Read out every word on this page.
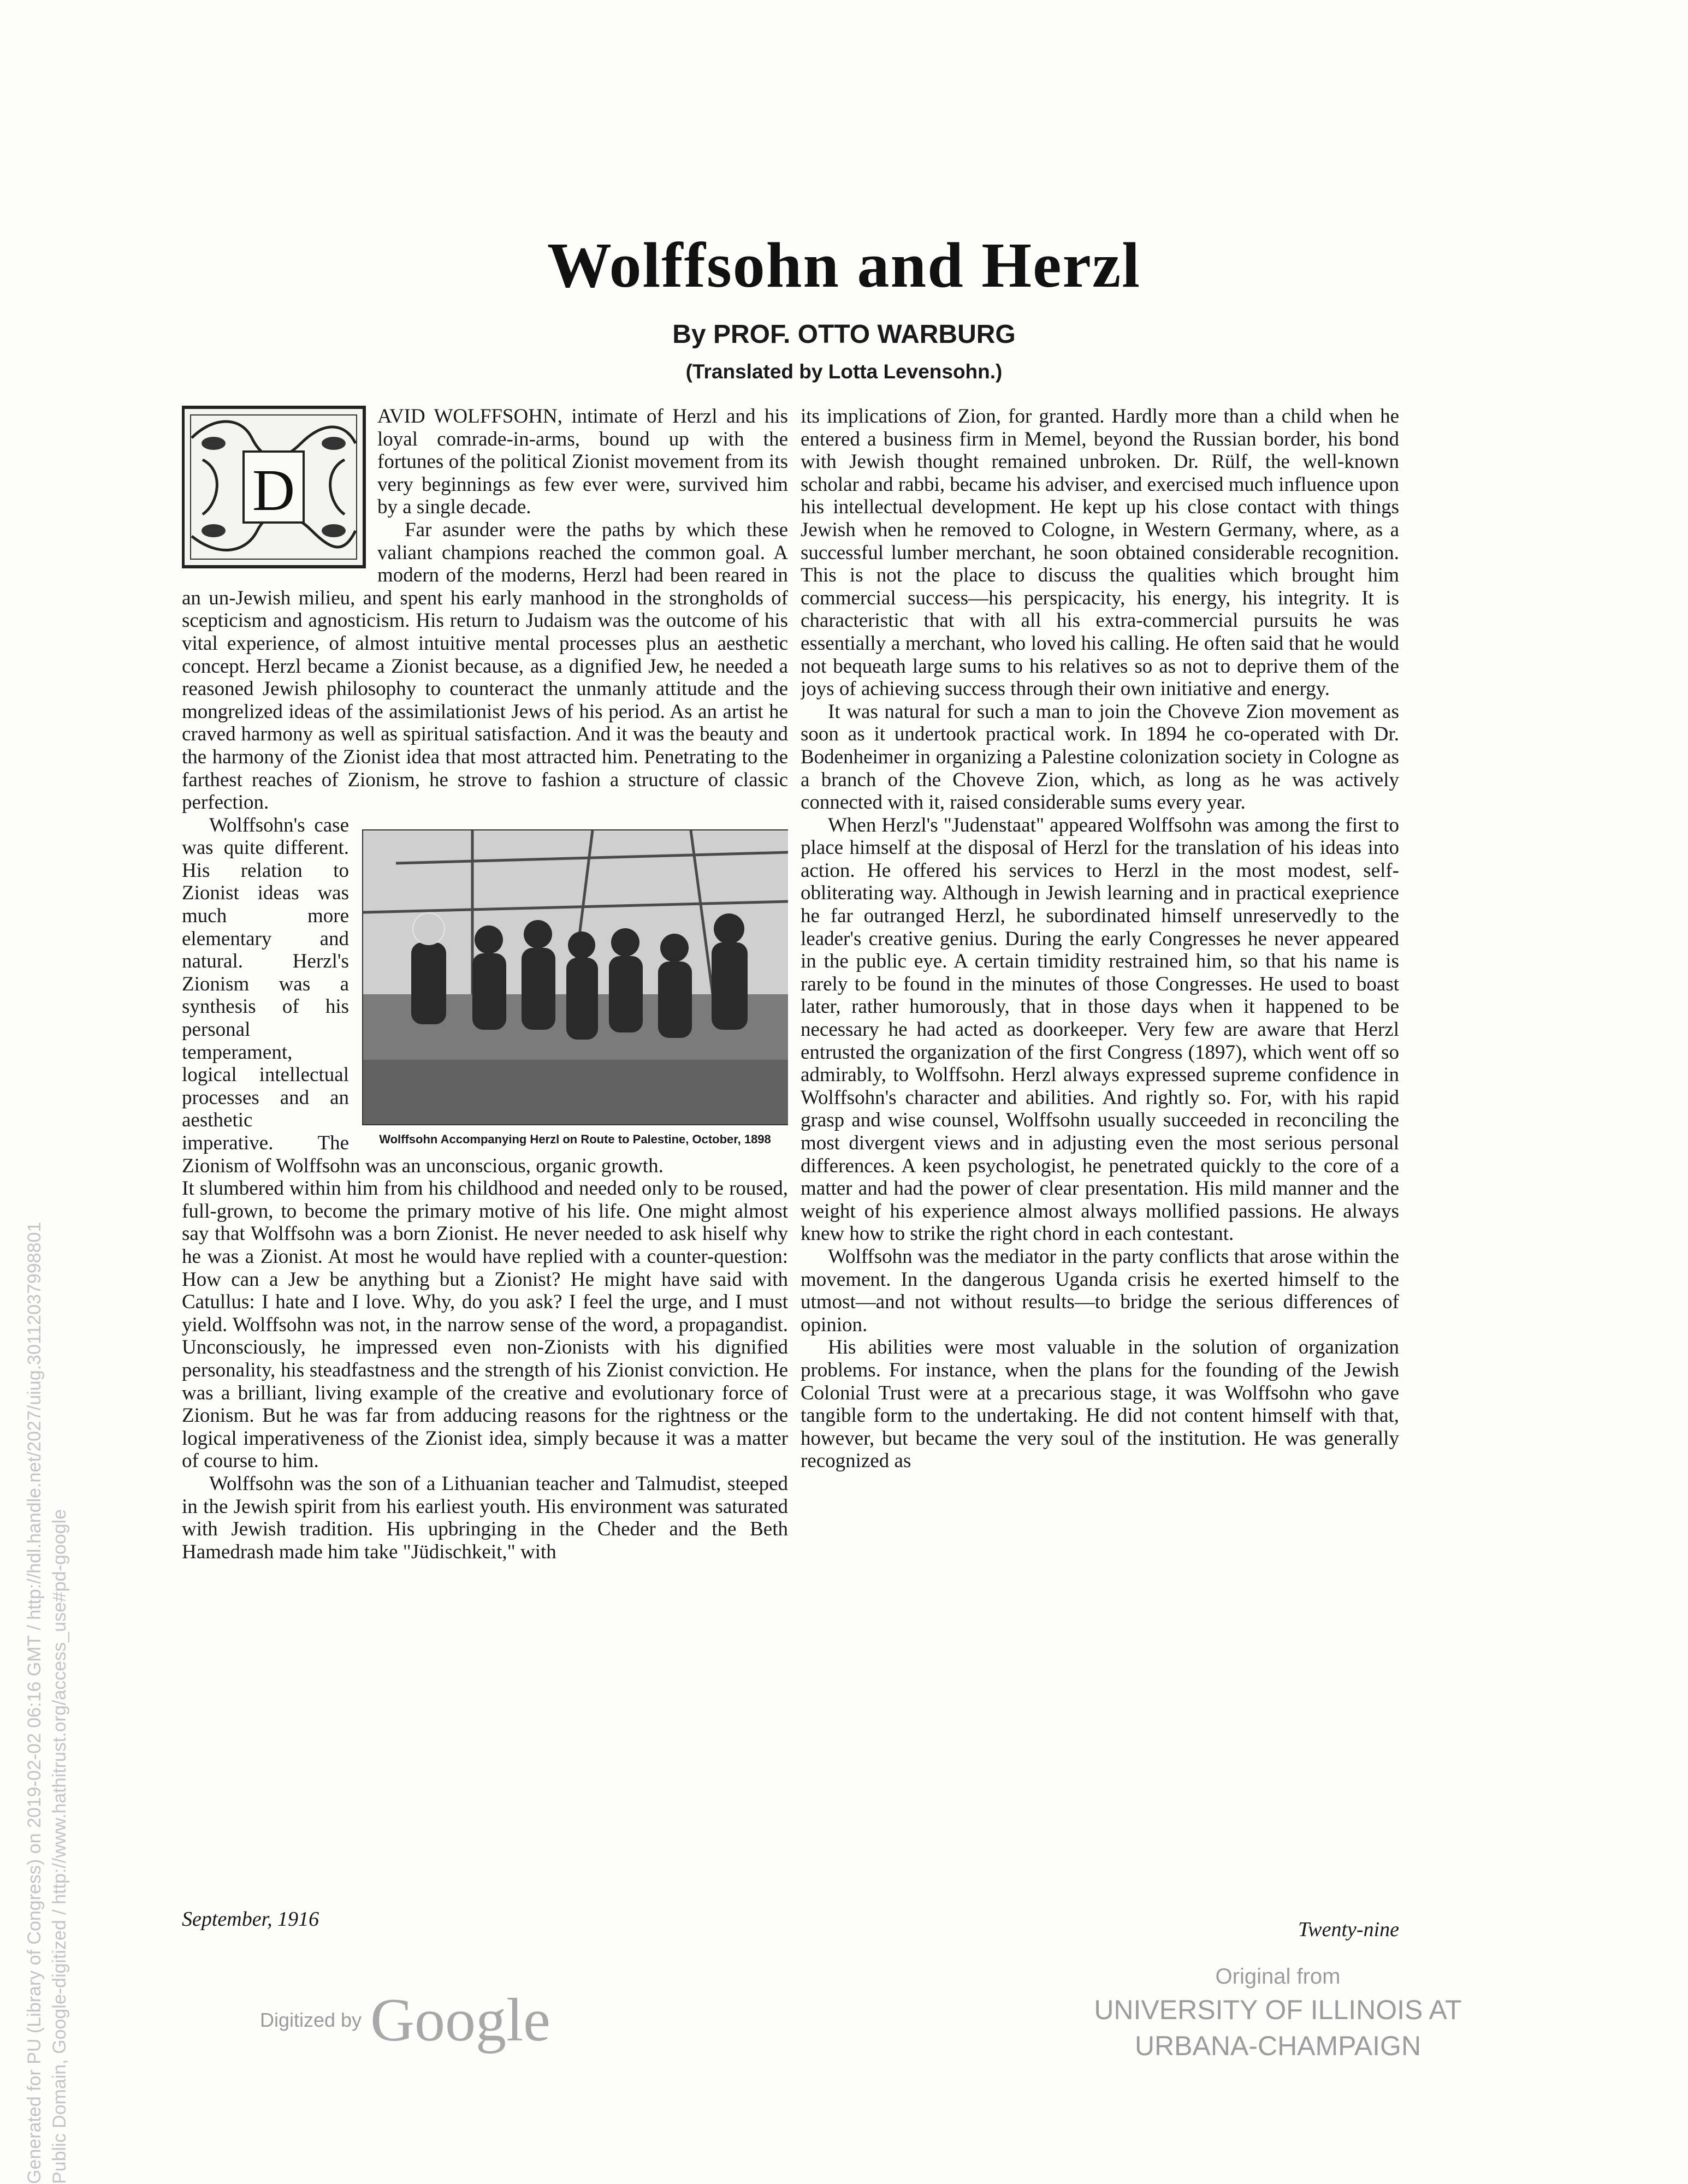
Wolffsohn and Herzl
By PROF. OTTO WARBURG
(Translated by Lotta Levensohn.)
D

AVID WOLFFSOHN, intimate of Herzl and his loyal comrade-in-arms, bound up with the fortunes of the political Zionist movement from its very beginnings as few ever were, survived him by a single decade.

Far asunder were the paths by which these valiant champions reached the common goal. A modern of the moderns, Herzl had been reared in an un-Jewish milieu, and spent his early manhood in the strongholds of scepticism and agnosticism. His return to Judaism was the outcome of his vital experience, of almost intuitive mental processes plus an aesthetic concept. Herzl became a Zionist because, as a dignified Jew, he needed a reasoned Jewish philosophy to counteract the unmanly attitude and the mongrelized ideas of the assimilationist Jews of his period. As an artist he craved harmony as well as spiritual satisfaction. And it was the beauty and the harmony of the Zionist idea that most attracted him. Penetrating to the farthest reaches of Zionism, he strove to fashion a structure of classic perfection.

Wolffsohn Accompanying Herzl on Route to Palestine, October, 1898

Wolffsohn's case was quite different. His relation to Zionist ideas was much more elementary and natural. Herzl's Zionism was a synthesis of his personal temperament, logical intellectual processes and an aesthetic imperative. The Zionism of Wolffsohn was an unconscious, organic growth.

It slumbered within him from his childhood and needed only to be roused, full-grown, to become the primary motive of his life. One might almost say that Wolffsohn was a born Zionist. He never needed to ask hiself why he was a Zionist. At most he would have replied with a counter-question: How can a Jew be anything but a Zionist? He might have said with Catullus: I hate and I love. Why, do you ask? I feel the urge, and I must yield. Wolffsohn was not, in the narrow sense of the word, a propagandist. Unconsciously, he impressed even non-Zionists with his dignified personality, his steadfastness and the strength of his Zionist conviction. He was a brilliant, living example of the creative and evolutionary force of Zionism. But he was far from adducing reasons for the rightness or the logical imperativeness of the Zionist idea, simply because it was a matter of course to him.

Wolffsohn was the son of a Lithuanian teacher and Talmudist, steeped in the Jewish spirit from his earliest youth. His environment was saturated with Jewish tradition. His upbringing in the Cheder and the Beth Hamedrash made him take "Jüdischkeit," with

its implications of Zion, for granted. Hardly more than a child when he entered a business firm in Memel, beyond the Russian border, his bond with Jewish thought remained unbroken. Dr. Rülf, the well-known scholar and rabbi, became his adviser, and exercised much influence upon his intellectual development. He kept up his close contact with things Jewish when he removed to Cologne, in Western Germany, where, as a successful lumber merchant, he soon obtained considerable recognition. This is not the place to discuss the qualities which brought him commercial success—his perspicacity, his energy, his integrity. It is characteristic that with all his extra-commercial pursuits he was essentially a merchant, who loved his calling. He often said that he would not bequeath large sums to his relatives so as not to deprive them of the joys of achieving success through their own initiative and energy.

It was natural for such a man to join the Choveve Zion movement as soon as it undertook practical work. In 1894 he co-operated with Dr. Bodenheimer in organizing a Palestine colonization society in Cologne as a branch of the Choveve Zion, which, as long as he was actively connected with it, raised considerable sums every year.

When Herzl's "Judenstaat" appeared Wolffsohn was among the first to place himself at the disposal of Herzl for the translation of his ideas into action. He offered his services to Herzl in the most modest, self-obliterating way. Although in Jewish learning and in practical exeprience he far outranged Herzl, he subordinated himself unreservedly to the leader's creative genius. During the early Congresses he never appeared in the public eye. A certain timidity restrained him, so that his name is rarely to be found in the minutes of those Congresses. He used to boast later, rather humorously, that in those days when it happened to be necessary he had acted as doorkeeper. Very few are aware that Herzl entrusted the organization of the first Congress (1897), which went off so admirably, to Wolffsohn. Herzl always expressed supreme confidence in Wolffsohn's character and abilities. And rightly so. For, with his rapid grasp and wise counsel, Wolffsohn usually succeeded in reconciling the most divergent views and in adjusting even the most serious personal differences. A keen psychologist, he penetrated quickly to the core of a matter and had the power of clear presentation. His mild manner and the weight of his experience almost always mollified passions. He always knew how to strike the right chord in each contestant.

Wolffsohn was the mediator in the party conflicts that arose within the movement. In the dangerous Uganda crisis he exerted himself to the utmost—and not without results—to bridge the serious differences of opinion.

His abilities were most valuable in the solution of organization problems. For instance, when the plans for the founding of the Jewish Colonial Trust were at a precarious stage, it was Wolffsohn who gave tangible form to the undertaking. He did not content himself with that, however, but became the very soul of the institution. He was generally recognized as

September, 1916	Twenty-nine
Digitized by Google
Original from
UNIVERSITY OF ILLINOIS AT
URBANA-CHAMPAIGN
Generated for PU (Library of Congress) on 2019-02-02 06:16 GMT / http://hdl.handle.net/2027/uiug.30112037998801 Public Domain, Google-digitized / http://www.hathitrust.org/access_use#pd-google
